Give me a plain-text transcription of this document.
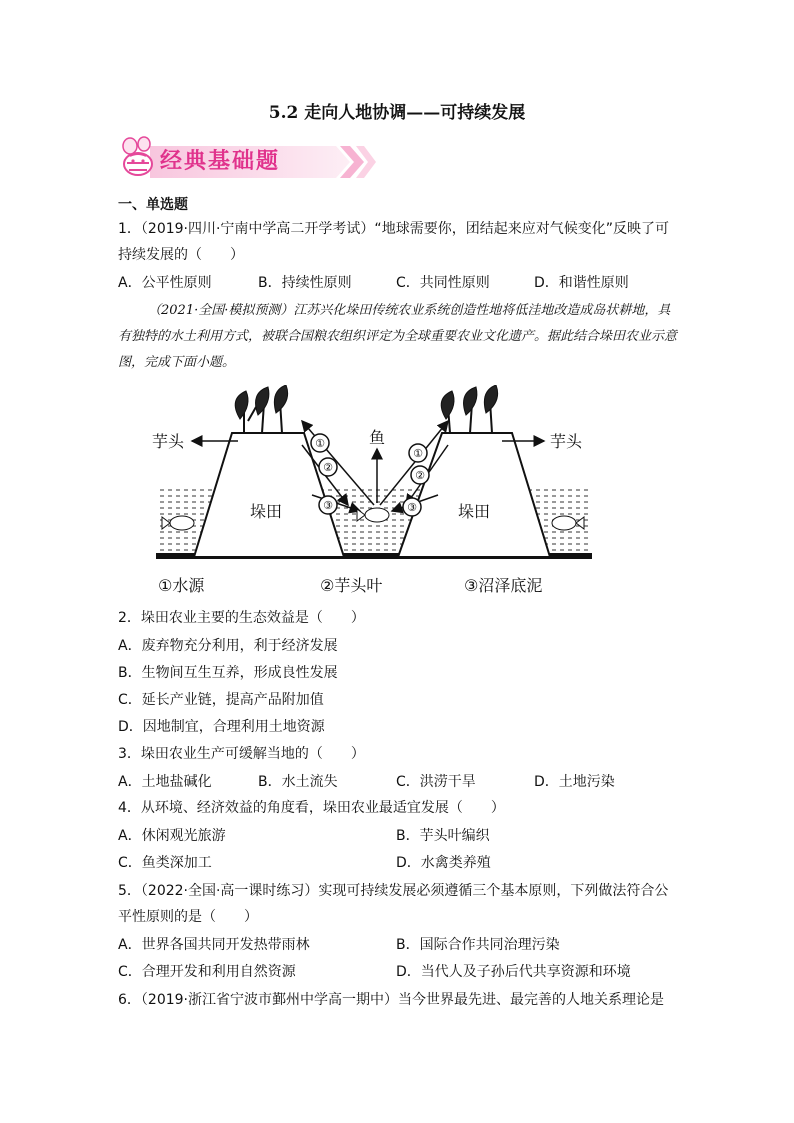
5.2 走向人地协调——可持续发展
经典基础题
一、单选题
1．（2019·四川·宁南中学高二开学考试）“地球需要你，团结起来应对气候变化”反映了可持续发展的（　　）
A．公平性原则	B．持续性原则	C．共同性原则	D．和谐性原则
（2021·全国·模拟预测）江苏兴化垛田传统农业系统创造性地将低洼地改造成岛状耕地，具有独特的水土利用方式，被联合国粮农组织评定为全球重要农业文化遗产。据此结合垛田农业示意图，完成下面小题。
①
②
③
①
②
③
芋头	芋头
鱼
垛田	垛田
①水源	②芋头叶	③沼泽底泥
2．垛田农业主要的生态效益是（　　）
A．废弃物充分利用，利于经济发展
B．生物间互生互养，形成良性发展
C．延长产业链，提高产品附加值
D．因地制宜，合理利用土地资源
3．垛田农业生产可缓解当地的（　　）
A．土地盐碱化	B．水土流失	C．洪涝干旱	D．土地污染
4．从环境、经济效益的角度看，垛田农业最适宜发展（　　）
A．休闲观光旅游	B．芋头叶编织
C．鱼类深加工	D．水禽类养殖
5．（2022·全国·高一课时练习）实现可持续发展必须遵循三个基本原则，下列做法符合公平性原则的是（　　）
A．世界各国共同开发热带雨林	B．国际合作共同治理污染
C．合理开发和利用自然资源	D．当代人及子孙后代共享资源和环境
6．（2019·浙江省宁波市鄞州中学高一期中）当今世界最先进、最完善的人地关系理论是
